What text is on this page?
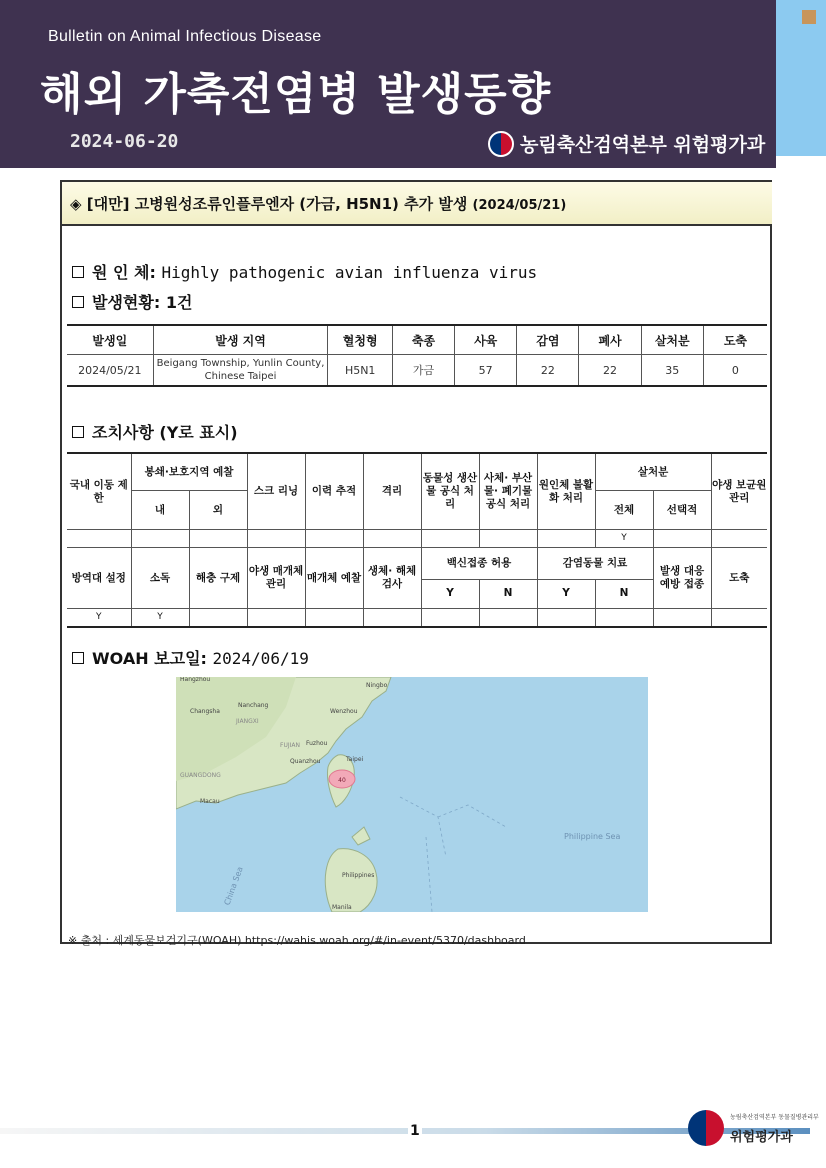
Bulletin on Animal Infectious Disease
해외 가축전염병 발생동향
2024-06-20	농림축산검역본부 위험평가과
◈ [대만] 고병원성조류인플루엔자 (가금, H5N1) 추가 발생 (2024/05/21)
원 인 체: Highly pathogenic avian influenza virus
발생현황: 1건
발생일	발생 지역	혈청형	축종	사육	감염	폐사	살처분	도축
2024/05/21	Beigang Township, Yunlin County, Chinese Taipei	H5N1	가금	57	22	22	35	0
조치사항 (Y로 표시)
국내 이동 제한	봉쇄·보호지역 예찰		스크 리닝	이력 추적	격리	동물성 생산물 공식 처리	사체· 부산물· 폐기물 공식 처리	원인체 불활화 처리	살처분		야생 보균원 관리
	내	외							전체	선택적	
									Y		
방역대 설정	소독	해충 구제	야생 매개체 관리	매개체 예찰	생체· 해체 검사	백신접종 허용		감염동물 치료		발생 대응 예방 접종	도축
						Y	N	Y	N		
Y	Y										
WOAH 보고일: 2024/06/19
40
Hangzhou
Ningbo
Nanchang
Changsha	Wenzhou
JIANGXI
FUJIAN Fuzhou
Quanzhou	Taipei
GUANGDONG
Macau
Philippine Sea
Philippines
Manila
China Sea
※ 출처 : 세계동물보건기구(WOAH) https://wahis.woah.org/#/in-event/5370/dashboard
1
농림축산검역본부 동물질병관리부
위험평가과
